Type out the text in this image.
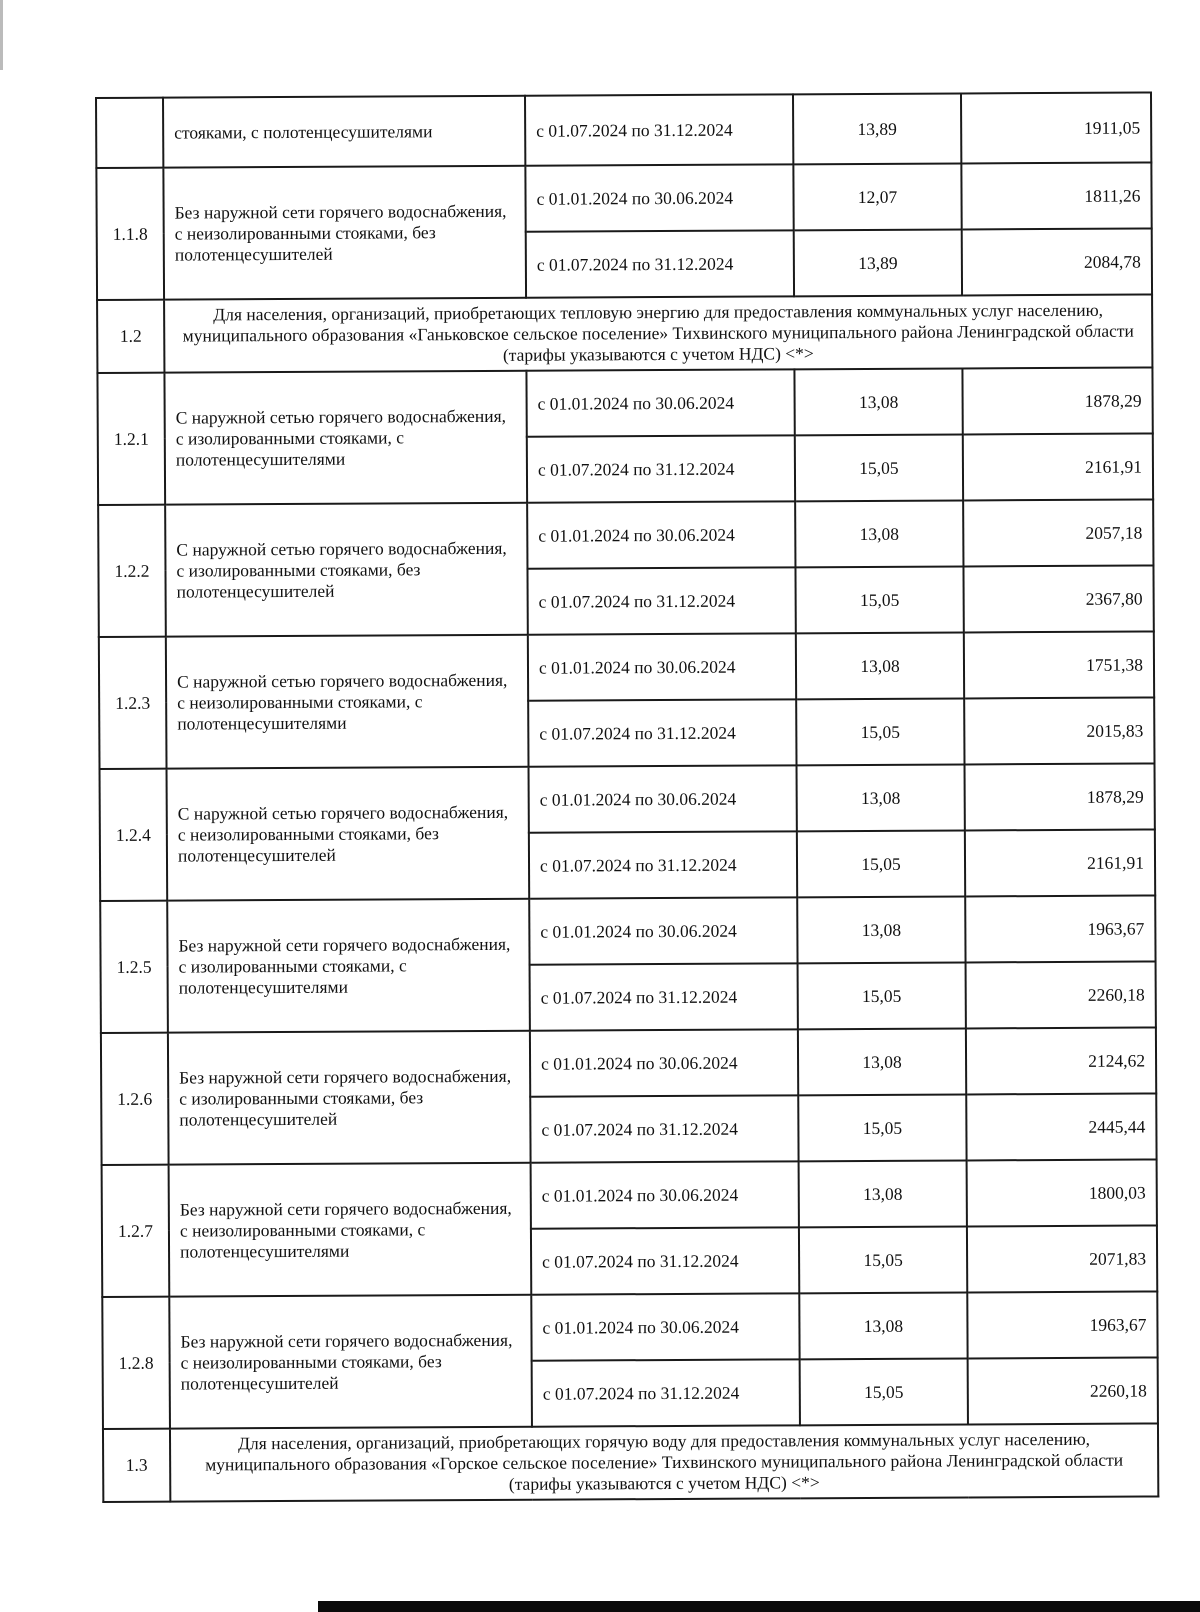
	стояками, с полотенцесушителями	с 01.07.2024 по 31.12.2024	13,89	1911,05
1.1.8	Без наружной сети горячего водоснабжения, с неизолированными стояками, без полотенцесушителей	с 01.01.2024 по 30.06.2024	12,07	1811,26
		с 01.07.2024 по 31.12.2024	13,89	2084,78
1.2	Для населения, организаций, приобретающих тепловую энергию для предоставления коммунальных услуг населению, муниципального образования «Ганьковское сельское поселение» Тихвинского муниципального района Ленинградской области (тарифы указываются с учетом НДС) <*>			
1.2.1	С наружной сетью горячего водоснабжения, с изолированными стояками, с полотенцесушителями	с 01.01.2024 по 30.06.2024	13,08	1878,29
		с 01.07.2024 по 31.12.2024	15,05	2161,91
1.2.2	С наружной сетью горячего водоснабжения, с изолированными стояками, без полотенцесушителей	с 01.01.2024 по 30.06.2024	13,08	2057,18
		с 01.07.2024 по 31.12.2024	15,05	2367,80
1.2.3	С наружной сетью горячего водоснабжения, с неизолированными стояками, с полотенцесушителями	с 01.01.2024 по 30.06.2024	13,08	1751,38
		с 01.07.2024 по 31.12.2024	15,05	2015,83
1.2.4	С наружной сетью горячего водоснабжения, с неизолированными стояками, без полотенцесушителей	с 01.01.2024 по 30.06.2024	13,08	1878,29
		с 01.07.2024 по 31.12.2024	15,05	2161,91
1.2.5	Без наружной сети горячего водоснабжения, с изолированными стояками, с полотенцесушителями	с 01.01.2024 по 30.06.2024	13,08	1963,67
		с 01.07.2024 по 31.12.2024	15,05	2260,18
1.2.6	Без наружной сети горячего водоснабжения, с изолированными стояками, без полотенцесушителей	с 01.01.2024 по 30.06.2024	13,08	2124,62
		с 01.07.2024 по 31.12.2024	15,05	2445,44
1.2.7	Без наружной сети горячего водоснабжения, с неизолированными стояками, с полотенцесушителями	с 01.01.2024 по 30.06.2024	13,08	1800,03
		с 01.07.2024 по 31.12.2024	15,05	2071,83
1.2.8	Без наружной сети горячего водоснабжения, с неизолированными стояками, без полотенцесушителей	с 01.01.2024 по 30.06.2024	13,08	1963,67
		с 01.07.2024 по 31.12.2024	15,05	2260,18
1.3	Для населения, организаций, приобретающих горячую воду для предоставления коммунальных услуг населению, муниципального образования «Горское сельское поселение» Тихвинского муниципального района Ленинградской области (тарифы указываются с учетом НДС) <*>			
